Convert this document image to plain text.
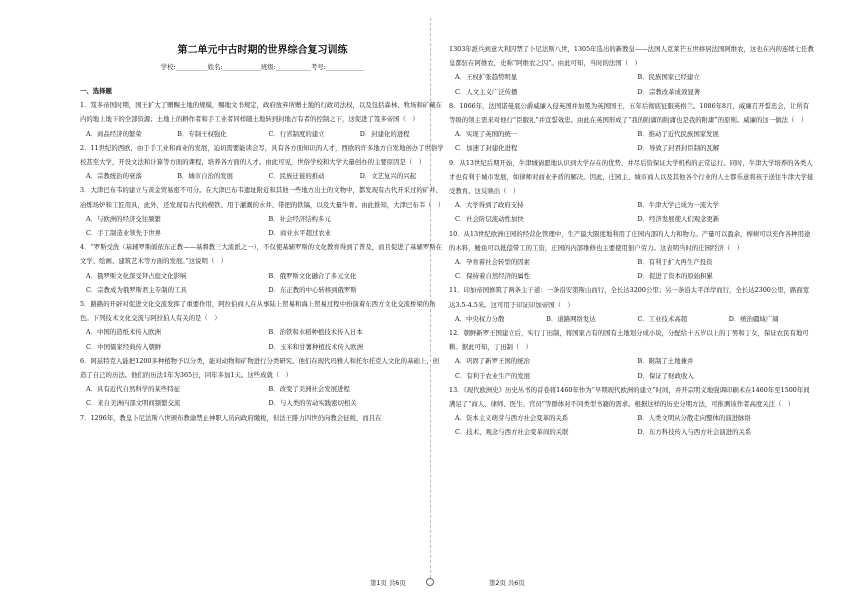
第二单元中古时期的世界综合复习训练
学校:__________姓名:____________班级:___________考号:____________
一、选择题
1．笈多帝国时期，国王扩大了赠赐土地的规模，赐地文书规定，政府放弃所赠土地的行政司法权，以及包括森林、牧场和矿藏在内的地上地下的全部资源；土地上的耕作者和手工业者同样随土地转到封地占有者的控制之下，这促进了笈多帝国（　）
A．商品经济的繁荣	B．专制王权强化	C．行省制度的建立	D．封建化的进程
2．11世纪的西欧，由于手工业和商业的发展，迫切需要能读会写，具有各方面知识的人才，西欧的许多地方自发地创办了世俗学校甚至大学，开设文法和计算等方面的课程，培养各方面的人才。由此可见，世俗学校和大学大量创办的主要原因是（　）
A．宗教统治的衰落	B．城市自治的发展	C．民族迁徙的推动	D．文艺复兴的兴起
3．大津巴布韦的建立与黄金贸易密不可分。在大津巴布韦遗址附近和其他一些地方出土的文物中，都发现有古代开采过的矿井、冶炼场炉和工匠用具，此外，还发现有古代的楔铁、用于灌溉的水井、带把的铁镐，以及大量牛骨。由此推知，大津巴布韦（　）
A．与欧洲的经济交往频繁	B．社会经济结构多元
C．手工制造业领先于世界	D．商业水平超过农业
4．“罗斯受洗（基辅罗斯皈依东正教——基督教三大流派之一），不仅使基辅罗斯的文化教育得到了普及，而且促进了基辅罗斯在文学、绘画、建筑艺术等方面的发展。”这说明（　）
A．俄罗斯文化深受拜占庭文化影响	B．俄罗斯文化融合了多元文化
C．宗教成为俄罗斯君主专制的工具	D．东正教的中心转移到俄罗斯
5．路路的开辟对促进文化交流发挥了重要作用，阿拉伯商人在从事陆上贸易和海上贸易过程中扮演着东西方文化交流桥梁的角色。下列技术文化交流与阿拉伯人有关的是（　）
A．中国的造纸术传入欧洲	B．治铁和水稻种植技术传入日本
C．中国儒家经典传入朝鲜	D．玉米和甘薯种植技术传入欧洲
6．阿兹特克人能把1200多种植物予以分类，能对动物和矿物进行分类研究。他们在现代玛雅人和托尔托克人文化的基础上，创造了自己的历法。他们的历法1年为365日，同年多加1天。这些成就（　）
A．具有近代自然科学的某些特征	B．改变了美洲社会发展进程
C．来自美洲内部文明间频繁交流	D．与人类的劳动实践密切相关
7．1296年，教皇卜尼法斯八世颁布教谕禁止神职人员向政府缴税，但法王腓力四世仍向教会征税，而且在
1303年派兵到意大利囚禁了卜尼法斯八世，1305年选出的新教皇——法国人克莱芒五世移居法国阿维农，这也在内的连续七任教皇都驻在阿维农，史称“阿维农之囚”。由此可知，当时的法国（　）
A．王权扩张趋势明显	B．民族国家已经建立
C．人文主义广泛传播	D．宗教改革成效显著
8．1066年，法国诺曼底公爵威廉入侵英国并加冕为英国国王，五年后彻底征服英格兰。1086年8月，威廉召开誓忠会，让所有等级的领主需来对他行“臣服礼”并宣誓效忠。由此在英国形成了“我的附庸的附庸也是我的附庸”的原则。威廉的这一做法（　）
A．实现了英国的统一	B．推动了近代民族国家发展
C．加速了封建化进程	D．导致了封君封臣制的瓦解
9．从13世纪后期开始，牛津城请愿地认识到大学存在的优势，并尽后资保证大学机构的正常运行。同时，牛津大学培养的各类人才也有利于城市发展，如律师对商业矛盾的解决。因此，庄园主、城市商人以及其他各个行业的人士都乐意将孩子送往牛津大学接受教育。这反映出（　）
A．大学得到了政府支持	B．牛津大学已成为一流大学
C．社会阶层流动性加快	D．经济发展使人们观念更新
10．从13世纪欧洲庄园的经营化管理中，生产最大限度地利用了庄园内部的人力和物力。产量可以盈余，榨树可以充作各种用途的木料，鳍鱼可以抵偿带工的工资，庄园的内部维修也主要使用佃户劳力。这表明当时的庄园经济（　）
A．孕育着社会转型的因素	B．有利于扩大再生产投资
C．保持着自然经济的属性	D．促进了资本的原始积累
11．印加帝国修筑了两条主干道：一条沿安第斯山而行，全长达3200公里；另一条沿太平洋岸而行，全长达2300公里，路面宽达3.5-4.5米。这可用于印证印加帝国（　）
A．中央权力分散	B．道路网络发达	C．工业技术高超	D．统治疆域广阔
12．朝鲜新罗王国建立后，实行丁田制，将国家占有的国有土地划分成小块，分配给十五岁以上的丁男和丁女，保证农民有地可耕。据此可知，丁田制（　）
A．巩固了新罗王国的统治	B．限制了土地兼并
C．有利于农业生产的发展	D．保证了财政收入
13．《现代欧洲史》历史丛书的首卷将1460年作为“早期现代欧洲的建立”时间，并开宗明义地强调印刷术在1460年至1500年间满足了“商人、律师、医生、官员”等群体对不同类型书籍的需求。根据这样的历史分期方法，可推测该作者高度关注（　）
A．资本主义萌芽与西方社会变革的关系	B．人类文明从分散走向整体的演进脉络
C．技术、观念与西方社会变革间的关联	D．东方科技传入与西方社会演进的关系
第1页 共6页	第2页 共6页
